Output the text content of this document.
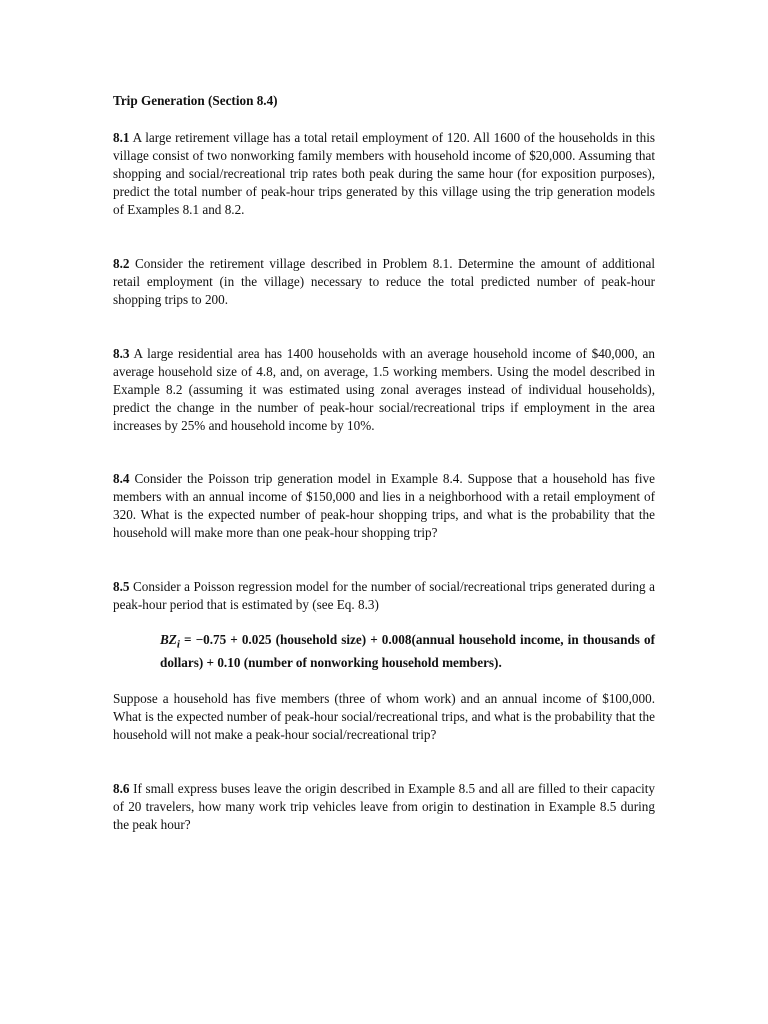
Trip Generation (Section 8.4)

8.1 A large retirement village has a total retail employment of 120. All 1600 of the households in this village consist of two nonworking family members with household income of $20,000. Assuming that shopping and social/recreational trip rates both peak during the same hour (for exposition purposes), predict the total number of peak-hour trips generated by this village using the trip generation models of Examples 8.1 and 8.2.

8.2 Consider the retirement village described in Problem 8.1. Determine the amount of additional retail employment (in the village) necessary to reduce the total predicted number of peak-hour shopping trips to 200.

8.3 A large residential area has 1400 households with an average household income of $40,000, an average household size of 4.8, and, on average, 1.5 working members. Using the model described in Example 8.2 (assuming it was estimated using zonal averages instead of individual households), predict the change in the number of peak-hour social/recreational trips if employment in the area increases by 25% and household income by 10%.

8.4 Consider the Poisson trip generation model in Example 8.4. Suppose that a household has five members with an annual income of $150,000 and lies in a neighborhood with a retail employment of 320. What is the expected number of peak-hour shopping trips, and what is the probability that the household will make more than one peak-hour shopping trip?

8.5 Consider a Poisson regression model for the number of social/recreational trips generated during a peak-hour period that is estimated by (see Eq. 8.3)

$BZ_i = -0.75 + 0.025$ (household size) + 0.008(annual household income, in thousands of dollars) + 0.10 (number of nonworking household members).

Suppose a household has five members (three of whom work) and an annual income of $100,000. What is the expected number of peak-hour social/recreational trips, and what is the probability that the household will not make a peak-hour social/recreational trip?

8.6 If small express buses leave the origin described in Example 8.5 and all are filled to their capacity of 20 travelers, how many work trip vehicles leave from origin to destination in Example 8.5 during the peak hour?
